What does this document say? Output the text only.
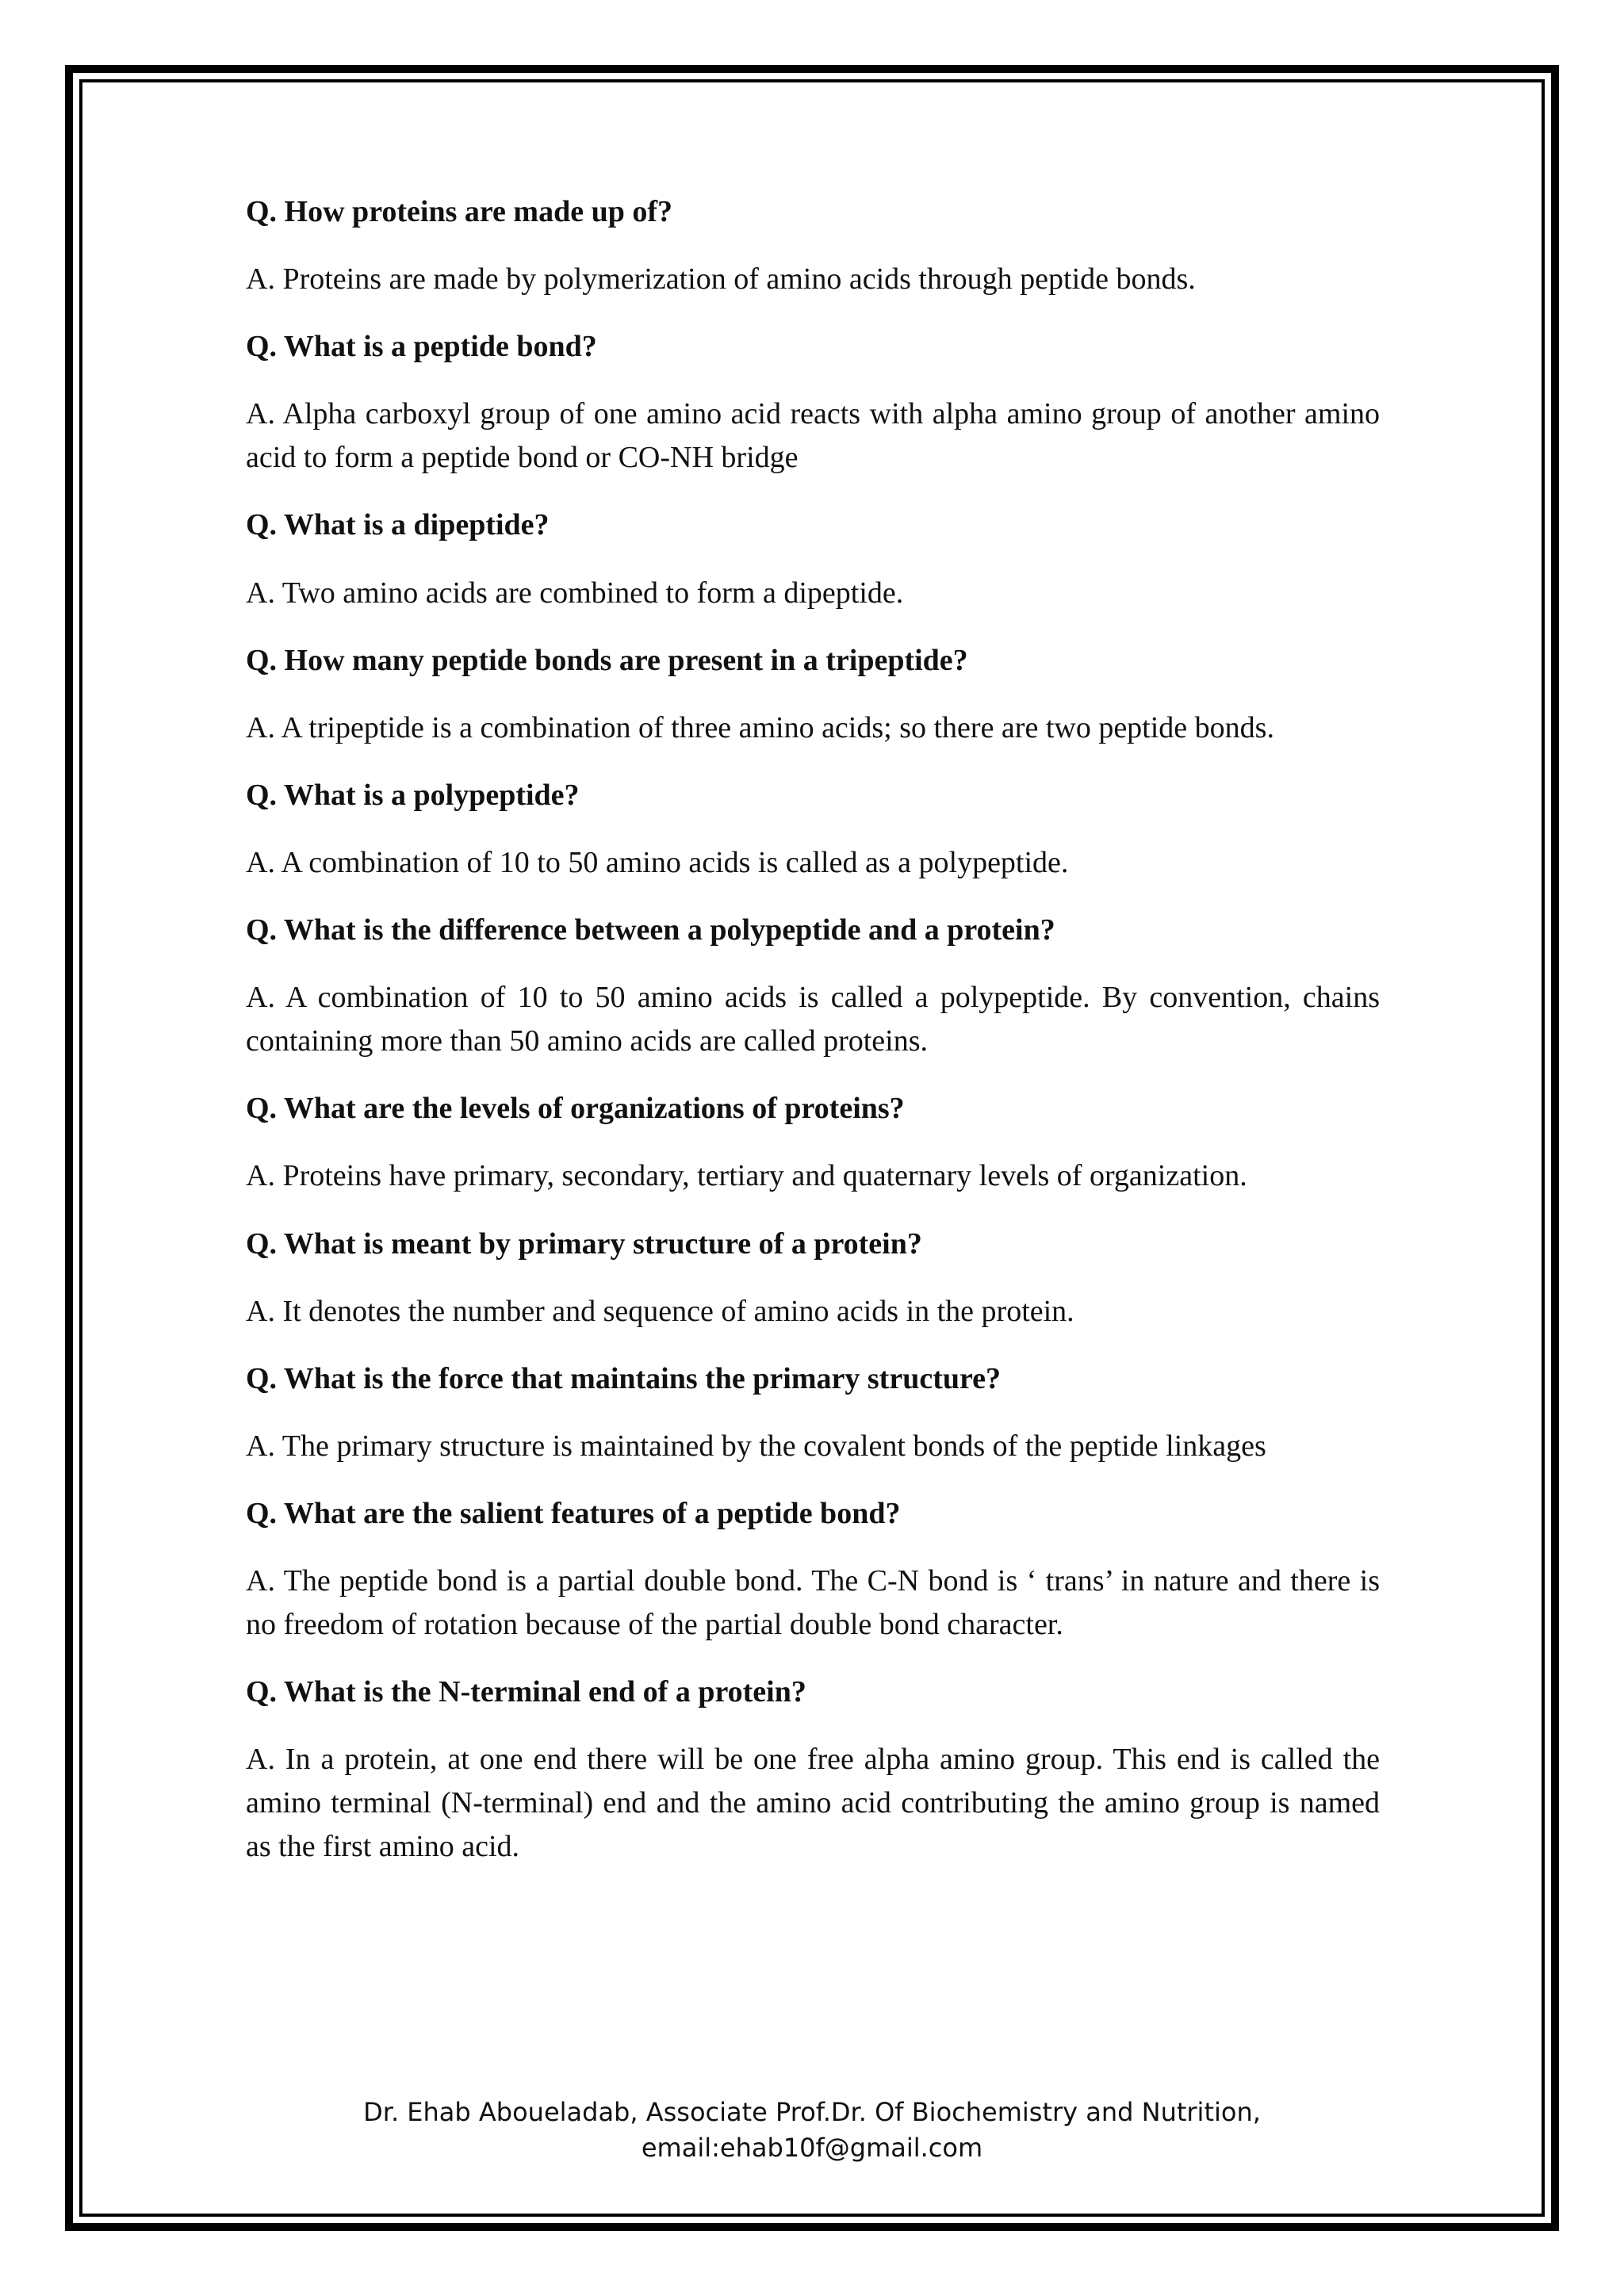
Q. How proteins are made up of?

A. Proteins are made by polymerization of amino acids through peptide bonds.

Q. What is a peptide bond?

A. Alpha carboxyl group of one amino acid reacts with alpha amino group of another amino acid to form a peptide bond or CO-NH bridge

Q. What is a dipeptide?

A. Two amino acids are combined to form a dipeptide.

Q. How many peptide bonds are present in a tripeptide?

A. A tripeptide is a combination of three amino acids; so there are two peptide bonds.

Q. What is a polypeptide?

A. A combination of 10 to 50 amino acids is called as a polypeptide.

Q. What is the difference between a polypeptide and a protein?

A. A combination of 10 to 50 amino acids is called a polypeptide. By convention, chains containing more than 50 amino acids are called proteins.

Q. What are the levels of organizations of proteins?

A. Proteins have primary, secondary, tertiary and quaternary levels of organization.

Q. What is meant by primary structure of a protein?

A. It denotes the number and sequence of amino acids in the protein.

Q. What is the force that maintains the primary structure?

A. The primary structure is maintained by the covalent bonds of the peptide linkages

Q. What are the salient features of a peptide bond?

A. The peptide bond is a partial double bond. The C-N bond is ‘ trans’ in nature and there is no freedom of rotation because of the partial double bond character.

Q. What is the N-terminal end of a protein?

A. In a protein, at one end there will be one free alpha amino group. This end is called the amino terminal (N-terminal) end and the amino acid contributing the amino group is named as the first amino acid.

Dr. Ehab Aboueladab, Associate Prof.Dr. Of Biochemistry and Nutrition,
email:ehab10f@gmail.com
